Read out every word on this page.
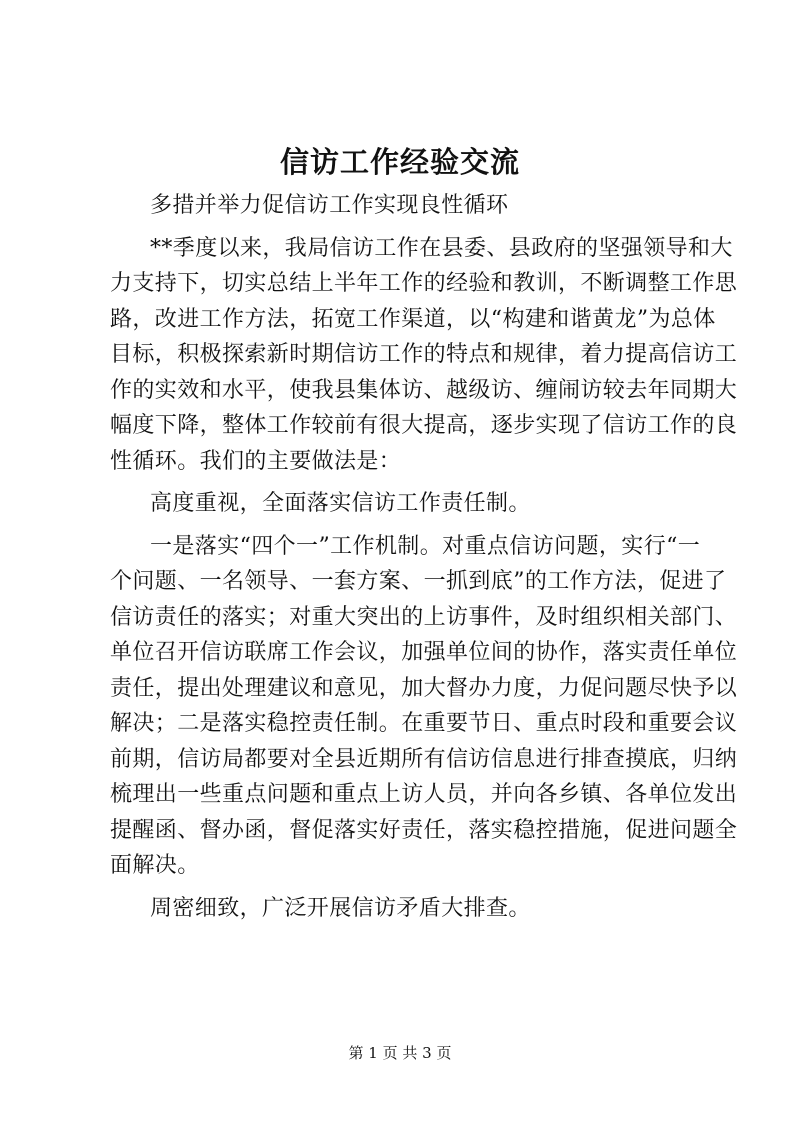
信访工作经验交流
多措并举力促信访工作实现良性循环
**季度以来，我局信访工作在县委、县政府的坚强领导和大
力支持下，切实总结上半年工作的经验和教训，不断调整工作思
路，改进工作方法，拓宽工作渠道，以“构建和谐黄龙”为总体
目标，积极探索新时期信访工作的特点和规律，着力提高信访工
作的实效和水平，使我县集体访、越级访、缠闹访较去年同期大
幅度下降，整体工作较前有很大提高，逐步实现了信访工作的良
性循环。我们的主要做法是：
高度重视，全面落实信访工作责任制。
一是落实“四个一”工作机制。对重点信访问题，实行“一
个问题、一名领导、一套方案、一抓到底”的工作方法，促进了
信访责任的落实；对重大突出的上访事件，及时组织相关部门、
单位召开信访联席工作会议，加强单位间的协作，落实责任单位
责任，提出处理建议和意见，加大督办力度，力促问题尽快予以
解决；二是落实稳控责任制。在重要节日、重点时段和重要会议
前期，信访局都要对全县近期所有信访信息进行排查摸底，归纳
梳理出一些重点问题和重点上访人员，并向各乡镇、各单位发出
提醒函、督办函，督促落实好责任，落实稳控措施，促进问题全
面解决。
周密细致，广泛开展信访矛盾大排查。
第 1 页 共 3 页
